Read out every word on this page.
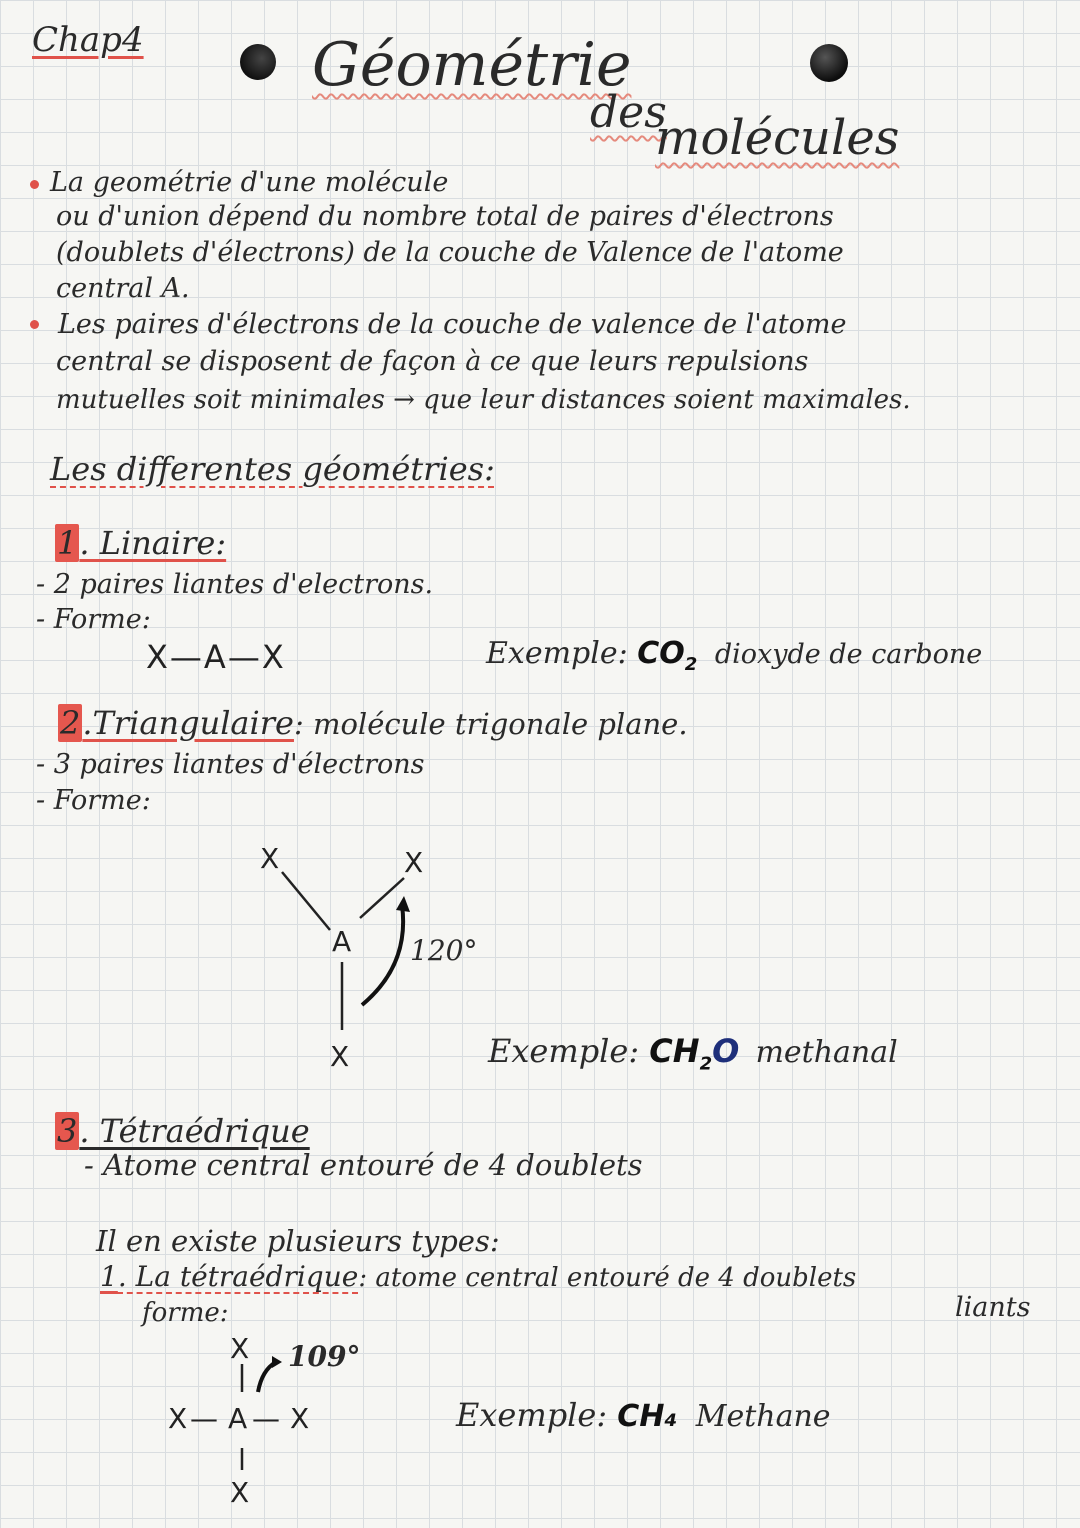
Chap4	Géométrie
des
molécules
La geométrie d'une molécule
ou d'union dépend du nombre total de paires d'électrons
(doublets d'électrons) de la couche de Valence de l'atome
central A.
Les paires d'électrons de la couche de valence de l'atome
central se disposent de façon à ce que leurs repulsions
mutuelles soit minimales → que leur distances soient maximales.
Les differentes géométries:
1. Linaire:
- 2 paires liantes d'electrons.
- Forme:
X—A—X	Exemple: $CO_2$ dioxyde de carbone
2.Triangulaire: molécule trigonale plane.
- 3 paires liantes d'électrons
- Forme:
X	X
A
X
120°
Exemple: $CH_2O$ methanal
3. Tétraédrique
- Atome central entouré de 4 doublets
Il en existe plusieurs types:
1. La tétraédrique: atome central entouré de 4 doublets
liants
forme:
X 109°
X — A — X
X
Exemple: CH₄ Methane
